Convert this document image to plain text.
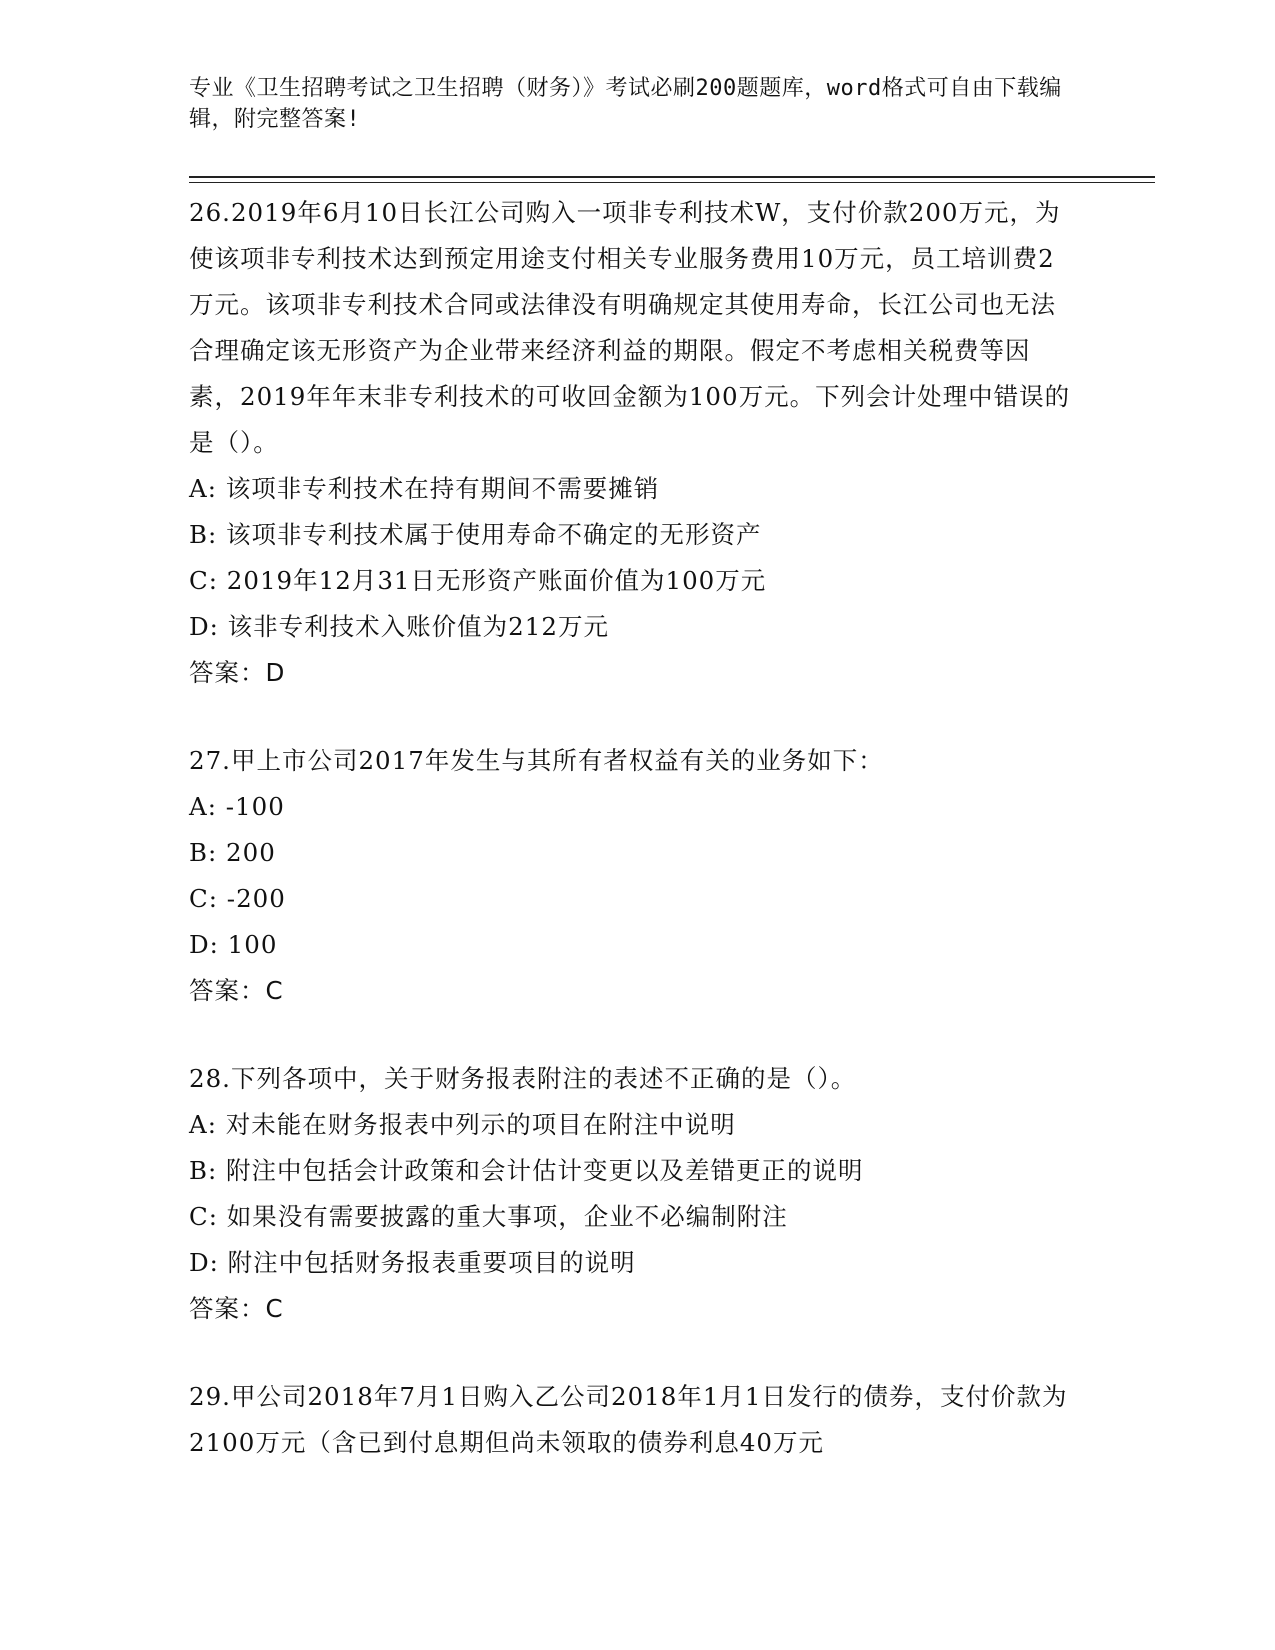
专业《卫生招聘考试之卫生招聘（财务）》考试必刷200题题库，word格式可自由下载编辑，附完整答案!

26.2019年6月10日长江公司购入一项非专利技术W，支付价款200万元，为使该项非专利技术达到预定用途支付相关专业服务费用10万元，员工培训费2万元。该项非专利技术合同或法律没有明确规定其使用寿命，长江公司也无法合理确定该无形资产为企业带来经济利益的期限。假定不考虑相关税费等因素，2019年年末非专利技术的可收回金额为100万元。下列会计处理中错误的是（）。

A: 该项非专利技术在持有期间不需要摊销

B: 该项非专利技术属于使用寿命不确定的无形资产

C: 2019年12月31日无形资产账面价值为100万元

D: 该非专利技术入账价值为212万元

答案：D

27.甲上市公司2017年发生与其所有者权益有关的业务如下：

A: -100

B: 200

C: -200

D: 100

答案：C

28.下列各项中，关于财务报表附注的表述不正确的是（）。

A: 对未能在财务报表中列示的项目在附注中说明

B: 附注中包括会计政策和会计估计变更以及差错更正的说明

C: 如果没有需要披露的重大事项，企业不必编制附注

D: 附注中包括财务报表重要项目的说明

答案：C

29.甲公司2018年7月1日购入乙公司2018年1月1日发行的债券，支付价款为2100万元（含已到付息期但尚未领取的债券利息40万元
